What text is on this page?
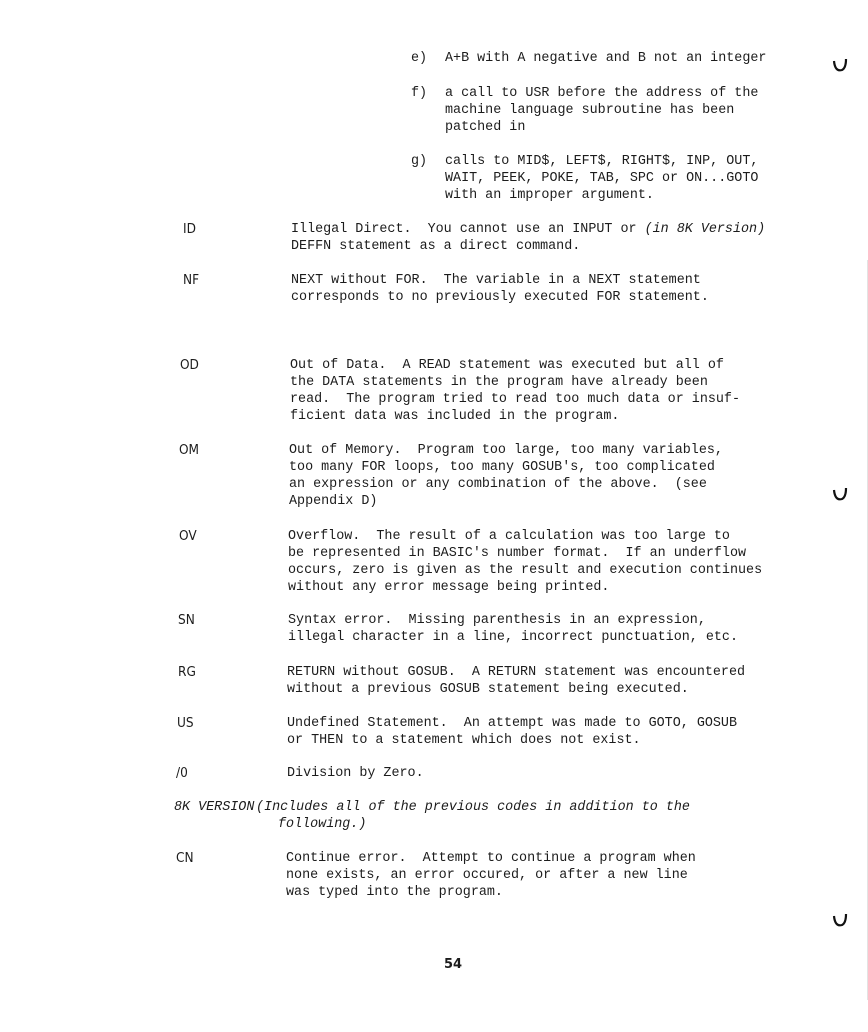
e) A+B with A negative and B not an integer
f) a call to USR before the address of the
machine language subroutine has been
patched in
g) calls to MID$, LEFT$, RIGHT$, INP, OUT,
WAIT, PEEK, POKE, TAB, SPC or ON...GOTO
with an improper argument.
ID	Illegal Direct.  You cannot use an INPUT or (in 8K Version)
DEFFN statement as a direct command.
NF	NEXT without FOR.  The variable in a NEXT statement
corresponds to no previously executed FOR statement.
OD	Out of Data.  A READ statement was executed but all of
the DATA statements in the program have already been
read.  The program tried to read too much data or insuf-
ficient data was included in the program.
OM	Out of Memory.  Program too large, too many variables,
too many FOR loops, too many GOSUB's, too complicated
an expression or any combination of the above.  (see
Appendix D)
OV	Overflow.  The result of a calculation was too large to
be represented in BASIC's number format.  If an underflow
occurs, zero is given as the result and execution continues
without any error message being printed.
SN	Syntax error.  Missing parenthesis in an expression,
illegal character in a line, incorrect punctuation, etc.
RG	RETURN without GOSUB.  A RETURN statement was encountered
without a previous GOSUB statement being executed.
US	Undefined Statement.  An attempt was made to GOTO, GOSUB
or THEN to a statement which does not exist.
/0	Division by Zero.
8K VERSION (Includes all of the previous codes in addition to the
following.)
CN	Continue error.  Attempt to continue a program when
none exists, an error occured, or after a new line
was typed into the program.
54
